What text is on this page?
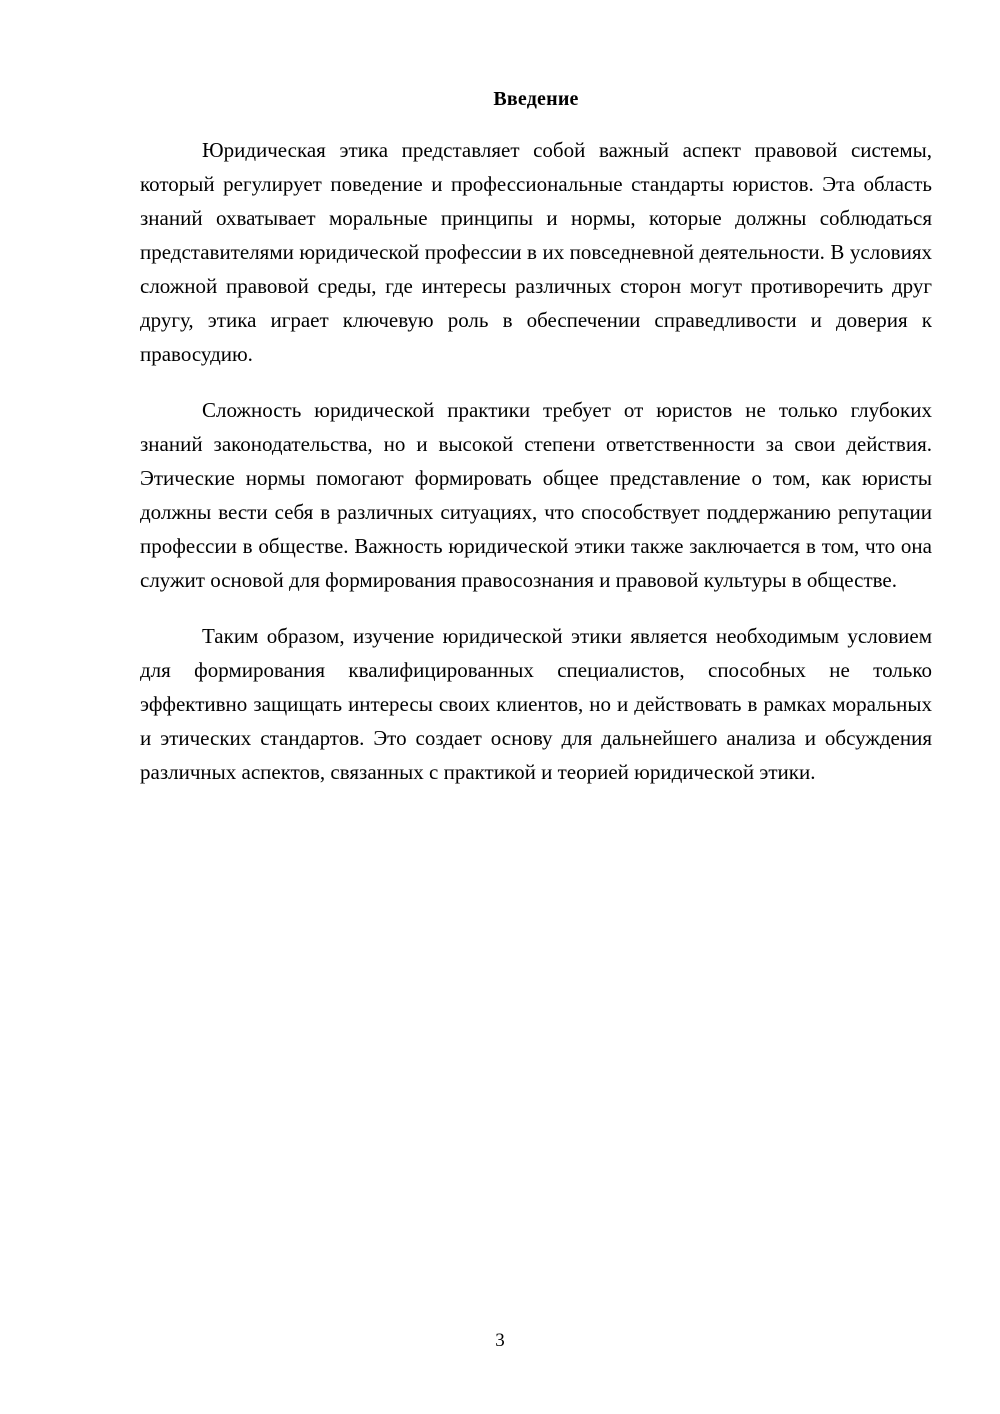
Введение

Юридическая этика представляет собой важный аспект правовой системы, который регулирует поведение и профессиональные стандарты юристов. Эта область знаний охватывает моральные принципы и нормы, которые должны соблюдаться представителями юридической профессии в их повседневной деятельности. В условиях сложной правовой среды, где интересы различных сторон могут противоречить друг другу, этика играет ключевую роль в обеспечении справедливости и доверия к правосудию.

Сложность юридической практики требует от юристов не только глубоких знаний законодательства, но и высокой степени ответственности за свои действия. Этические нормы помогают формировать общее представление о том, как юристы должны вести себя в различных ситуациях, что способствует поддержанию репутации профессии в обществе. Важность юридической этики также заключается в том, что она служит основой для формирования правосознания и правовой культуры в обществе.

Таким образом, изучение юридической этики является необходимым условием для формирования квалифицированных специалистов, способных не только эффективно защищать интересы своих клиентов, но и действовать в рамках моральных и этических стандартов. Это создает основу для дальнейшего анализа и обсуждения различных аспектов, связанных с практикой и теорией юридической этики.

3
